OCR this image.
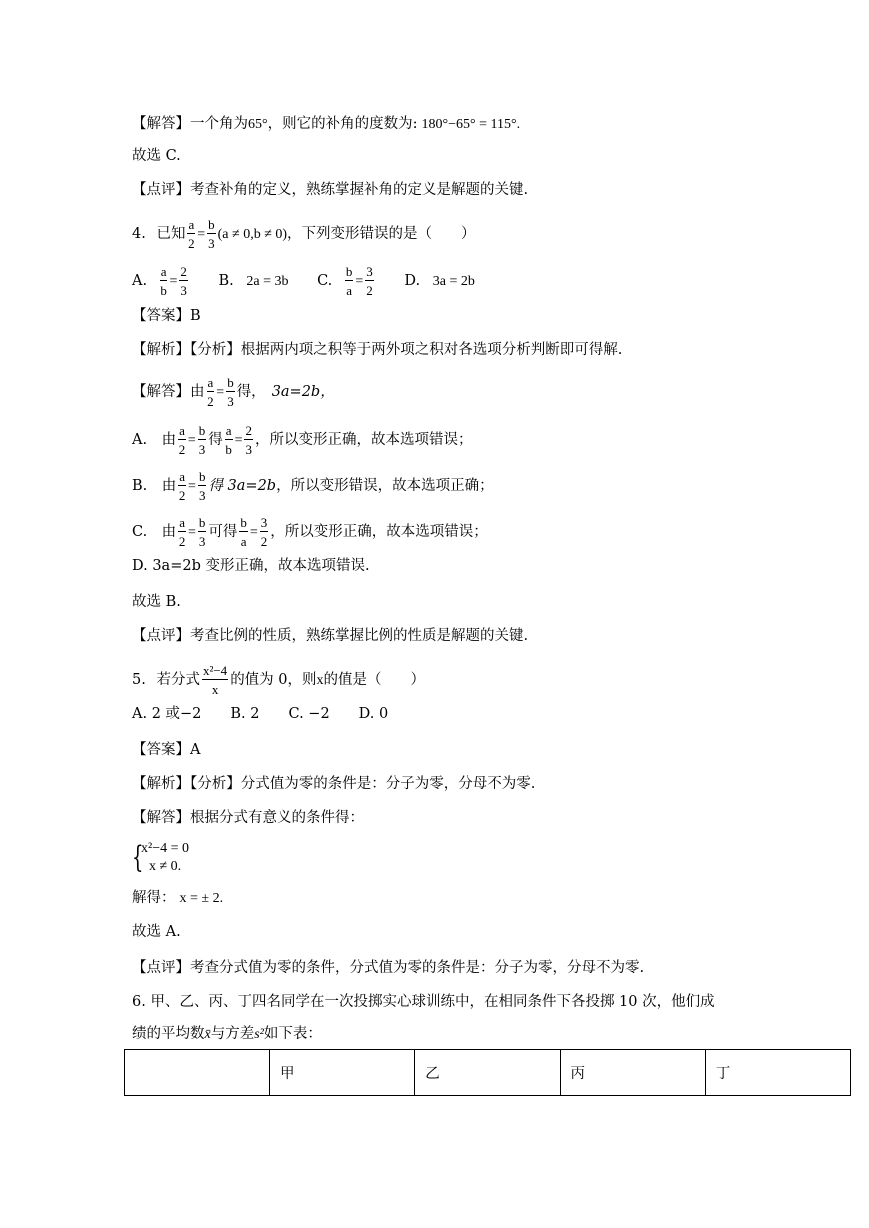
【解答】一个角为65°，则它的补角的度数为: 180°−65° = 115°.
故选 C.
【点评】考查补角的定义，熟练掌握补角的定义是解题的关键.
4. 已知 $\frac{a}{2} = \frac{b}{3} (a \ne 0,b \ne 0)$，下列变形错误的是（　　）
A. $\frac{a}{b} = \frac{2}{3} B$. 2a = 3b C. $\frac{b}{a} = \frac{3}{2} D$. 3a = 2b
【答案】B
【解析】【分析】根据两内项之积等于两外项之积对各选项分析判断即可得解.
【解答】由 $\frac{a}{2} = \frac{b}{3}$ 得， 3a=2b，
A.　由 $\frac{a}{2} = \frac{b}{3}$ 得 $\frac{a}{b} = \frac{2}{3}$ ，所以变形正确，故本选项错误；
B.　由 $\frac{a}{2} = \frac{b}{3}$ 得 3a=2b，所以变形错误，故本选项正确；
C.　由 $\frac{a}{2} = \frac{b}{3}$ 可得 $\frac{b}{a} = \frac{3}{2}$ ，所以变形正确，故本选项错误；
D. 3a=2b 变形正确，故本选项错误.
故选 B.
【点评】考查比例的性质，熟练掌握比例的性质是解题的关键.
5. 若分式 $\frac{\text{x²−4}}{x}$ 的值为 0，则x的值是（　　）
A. 2 或−2　　B. 2　　C. −2　　D. 0
【答案】A
【解析】【分析】分式值为零的条件是：分子为零，分母不为零.
【解答】根据分式有意义的条件得：
{
x²−4 = 0
x ≠ 0.
解得： x = ± 2.
故选 A.
【点评】考查分式值为零的条件，分式值为零的条件是：分子为零，分母不为零.
6. 甲、乙、丙、丁四名同学在一次投掷实心球训练中，在相同条件下各投掷 10 次，他们成
绩的平均数x̄与方差s²如下表：
	甲	乙	丙	丁
